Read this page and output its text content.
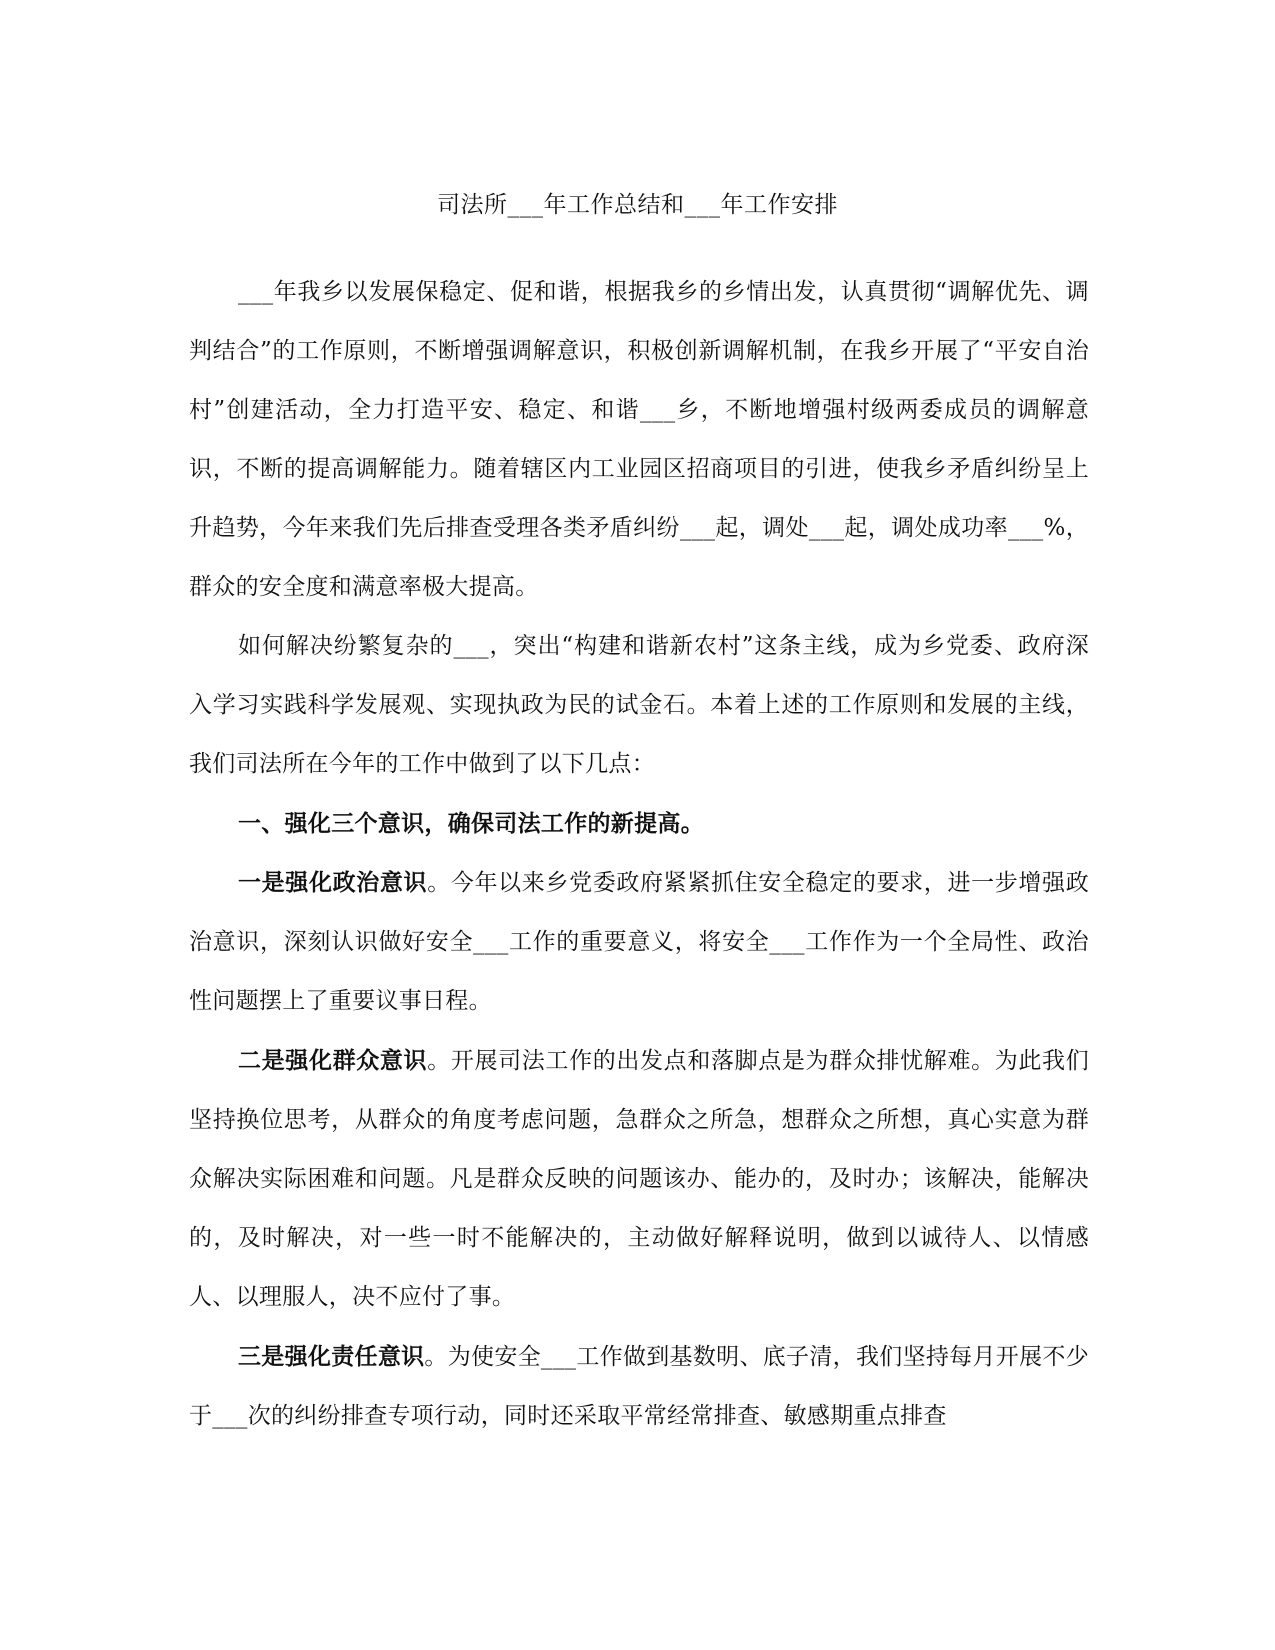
司法所___年工作总结和___年工作安排

___年我乡以发展保稳定、促和谐，根据我乡的乡情出发，认真贯彻“调解优先、调判结合”的工作原则，不断增强调解意识，积极创新调解机制，在我乡开展了“平安自治村”创建活动，全力打造平安、稳定、和谐___乡，不断地增强村级两委成员的调解意识，不断的提高调解能力。随着辖区内工业园区招商项目的引进，使我乡矛盾纠纷呈上升趋势，今年来我们先后排查受理各类矛盾纠纷___起，调处___起，调处成功率___%，群众的安全度和满意率极大提高。

如何解决纷繁复杂的___，突出“构建和谐新农村”这条主线，成为乡党委、政府深入学习实践科学发展观、实现执政为民的试金石。本着上述的工作原则和发展的主线，我们司法所在今年的工作中做到了以下几点：

一、强化三个意识，确保司法工作的新提高。

一是强化政治意识。今年以来乡党委政府紧紧抓住安全稳定的要求，进一步增强政治意识，深刻认识做好安全___工作的重要意义，将安全___工作作为一个全局性、政治性问题摆上了重要议事日程。

二是强化群众意识。开展司法工作的出发点和落脚点是为群众排忧解难。为此我们坚持换位思考，从群众的角度考虑问题，急群众之所急，想群众之所想，真心实意为群众解决实际困难和问题。凡是群众反映的问题该办、能办的，及时办；该解决，能解决的，及时解决，对一些一时不能解决的，主动做好解释说明，做到以诚待人、以情感人、以理服人，决不应付了事。

三是强化责任意识。为使安全___工作做到基数明、底子清，我们坚持每月开展不少于___次的纠纷排查专项行动，同时还采取平常经常排查、敏感期重点排查
